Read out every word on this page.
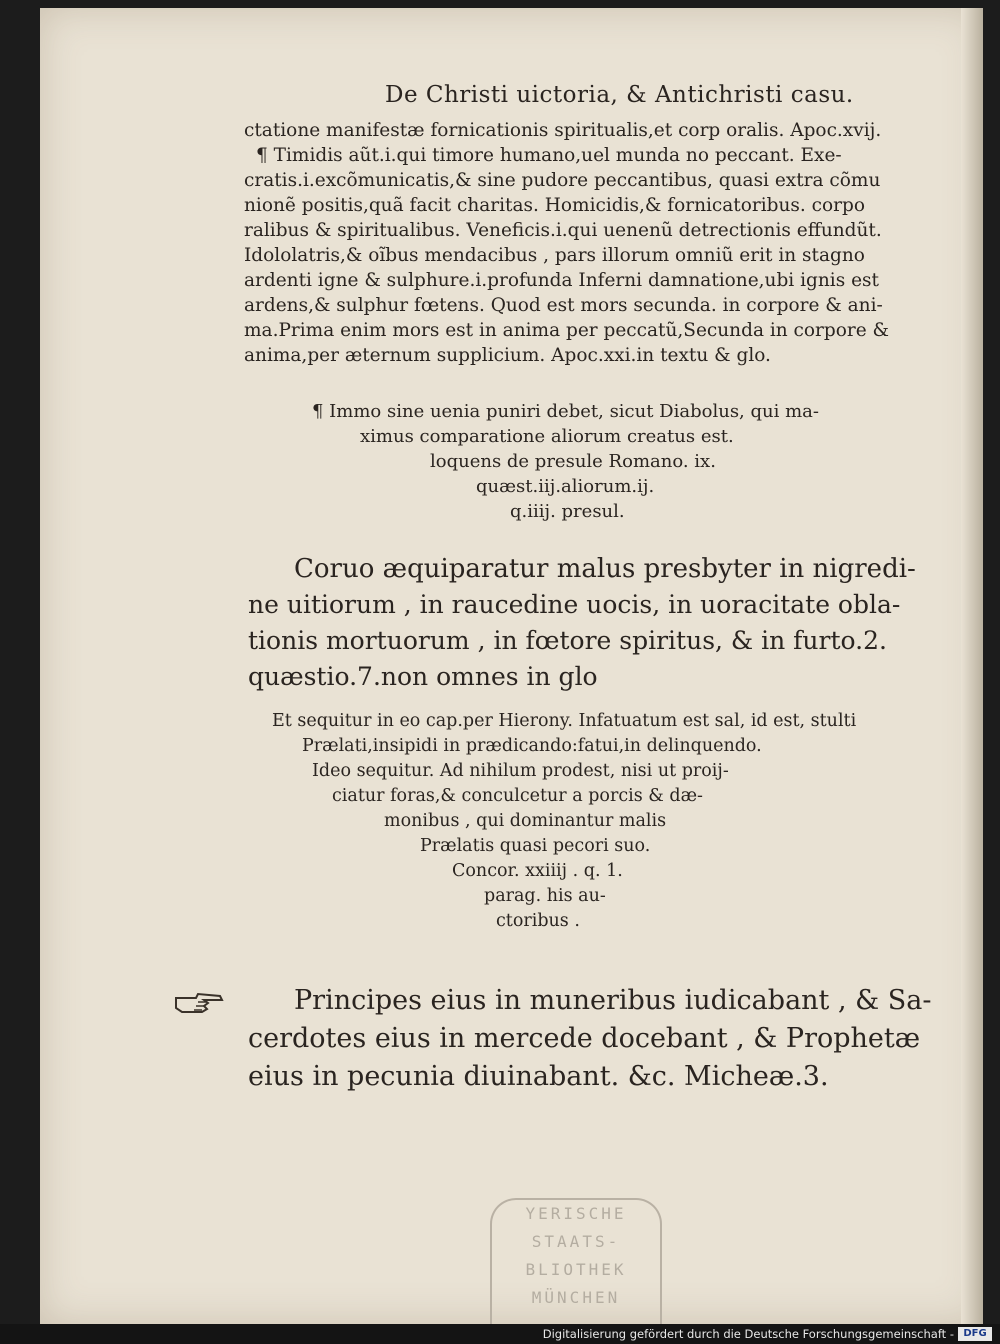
De Christi uictoria, & Antichristi casu.
ctatione manifestæ fornicationis spiritualis,et corp oralis. Apoc.xvij.
¶ Timidis aũt.i.qui timore humano,uel munda no peccant. Exe-
cratis.i.excõmunicatis,& sine pudore peccantibus, quasi extra cõmu
nionẽ positis,quã facit charitas. Homicidis,& fornicatoribus. corpo
ralibus & spiritualibus. Veneficis.i.qui uenenũ detrectionis effundũt.
Idololatris,& oĩbus mendacibus , pars illorum omniũ erit in stagno
ardenti igne & sulphure.i.profunda Inferni damnatione,ubi ignis est
ardens,& sulphur fœtens. Quod est mors secunda. in corpore & ani-
ma.Prima enim mors est in anima per peccatũ,Secunda in corpore &
anima,per æternum supplicium. Apoc.xxi.in textu & glo.
¶ Immo sine uenia puniri debet, sicut Diabolus, qui ma-
ximus comparatione aliorum creatus est.
loquens de presule Romano. ix.
quæst.iij.aliorum.ij.
q.iiij. presul.
Coruo æquiparatur malus presbyter in nigredi-
ne uitiorum , in raucedine uocis, in uoracitate obla-
tionis mortuorum , in fœtore spiritus, & in furto.2.
quæstio.7.non omnes in glo
Et sequitur in eo cap.per Hierony. Infatuatum est sal, id est, stulti
Prælati,insipidi in prædicando:fatui,in delinquendo.
Ideo sequitur. Ad nihilum prodest, nisi ut proij-
ciatur foras,& conculcetur a porcis & dæ-
monibus , qui dominantur malis
Prælatis quasi pecori suo.
Concor. xxiiij . q. 1.
parag. his au-
ctoribus .
Principes eius in muneribus iudicabant , & Sa-
cerdotes eius in mercede docebant , & Prophetæ
eius in pecunia diuinabant. &c. Micheæ.3.
YERISCHE
STAATS-
BLIOTHEK
MÜNCHEN
Digitalisierung gefördert durch die Deutsche Forschungsgemeinschaft - DFG
